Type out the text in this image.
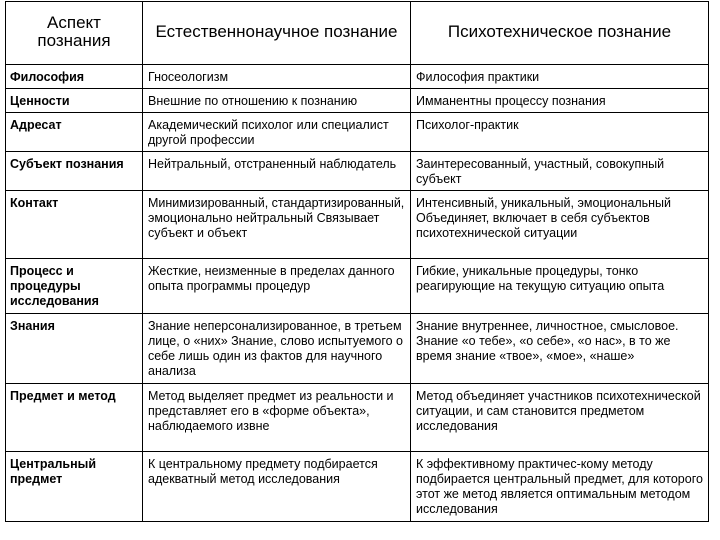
Аспект познания	Естественнонаучное познание	Психотехническое познание
Философия	Гносеологизм	Философия практики
Ценности	Внешние по отношению к познанию	Имманентны процессу познания
Адресат	Академический психолог или специалист другой профессии	Психолог-практик
Субъект познания	Нейтральный, отстраненный наблюдатель	Заинтересованный, участный, совокупный субъект
Контакт	Минимизированный, стандартизированный, эмоционально нейтральный Связывает субъект и объект	Интенсивный, уникальный, эмоциональный Объединяет, включает в себя субъектов психотехнической ситуации
Процесс и процедуры исследования	Жесткие, неизменные в пределах данного опыта программы процедур	Гибкие, уникальные процедуры, тонко реагирующие на текущую ситуацию опыта
Знания	Знание неперсонализированное, в третьем лице, о «них» Знание, слово испытуемого о себе лишь один из фактов для научного анализа	Знание внутреннее, личностное, смысловое. Знание «о тебе», «о себе», «о нас», в то же время знание «твое», «мое», «наше»
Предмет и метод	Метод выделяет предмет из реальности и представляет его в «форме объекта», наблюдаемого извне	Метод объединяет участников психотехнической ситуации, и сам становится предметом исследования
Центральный предмет	К центральному предмету подбирается адекватный метод исследования	К эффективному практичес-кому методу подбирается центральный предмет, для которого этот же метод является оптимальным методом исследования
